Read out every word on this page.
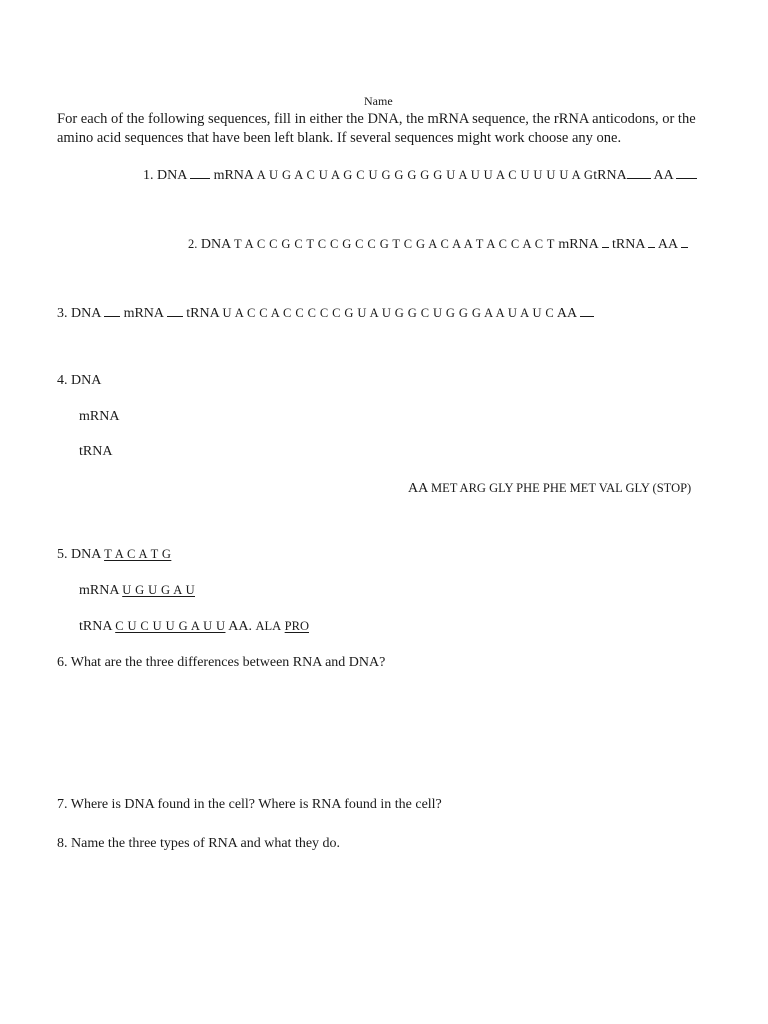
Name
For each of the following sequences, fill in either the DNA, the mRNA sequence, the rRNA anticodons, or the amino acid sequences that have been left blank. If several sequences might work choose any one.
1. DNA mRNA A U G A C U A G C U G G G G G U A U U A C U U U U A GtRNA AA
2. DNA T A C C G C T C C G C C G T C G A C A A T A C C A C T mRNA tRNA AA
3. DNA mRNA tRNA U A C C A C C C C C G U A U G G C U G G G A A U A U C AA
4. DNA
mRNA
tRNA
AA MET ARG GLY PHE PHE MET VAL GLY (STOP)
5. DNA T A C A T G
mRNA U G U G A U
tRNA C U C U U G A U U AA. ALA PRO
6. What are the three differences between RNA and DNA?
7. Where is DNA found in the cell? Where is RNA found in the cell?
8. Name the three types of RNA and what they do.
